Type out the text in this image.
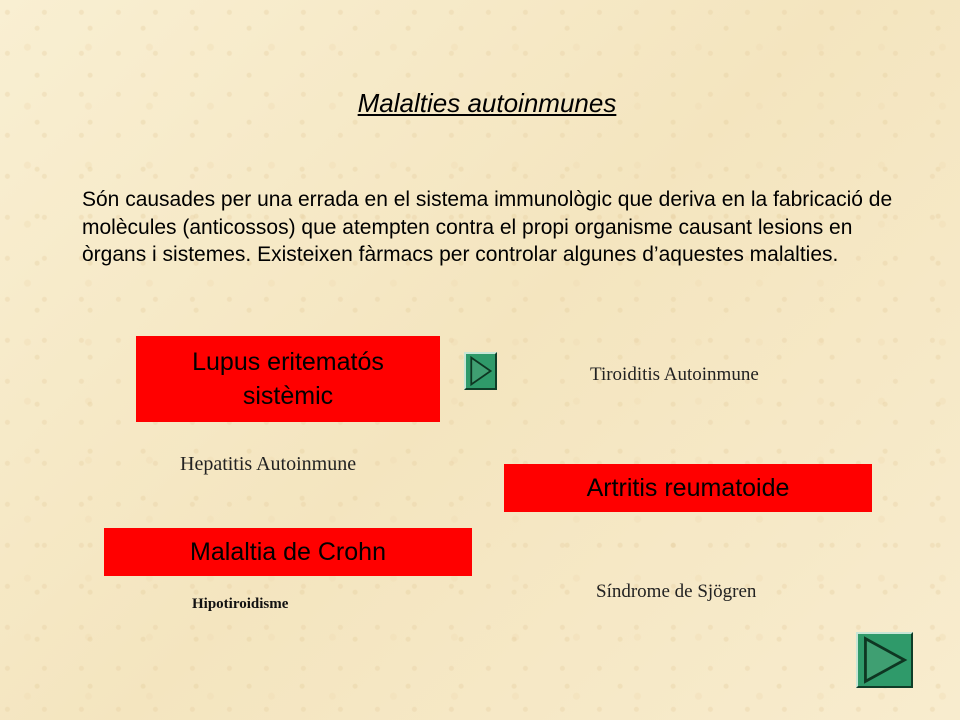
Malalties autoinmunes
Són causades per una errada en el sistema immunològic que deriva en la fabricació de molècules (anticossos) que atempten contra el propi organisme causant lesions en òrgans i sistemes. Existeixen fàrmacs per controlar algunes d’aquestes malalties.
Lupus eritematós sistèmic
Tiroiditis Autoinmune
Hepatitis Autoinmune
Artritis reumatoide
Malaltia de Crohn
Síndrome de Sjögren
Hipotiroidisme
